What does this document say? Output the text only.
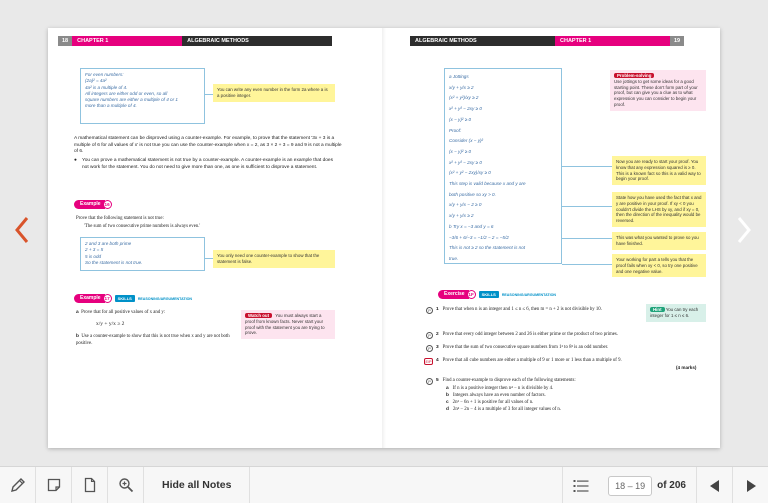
18	CHAPTER 1	ALGEBRAIC METHODS
For even numbers:
(2a)² = 4a²
4a² is a multiple of 4.
All integers are either odd or even, so all
square numbers are either a multiple of 4 or 1
more than a multiple of 4.
You can write any even number in the form 2a where a is a positive integer.
A mathematical statement can be disproved using a counter-example. For example, to prove that the statement '3x + 3 is a multiple of 6 for all values of x' is not true you can use the counter-example when x = 2, as 3 × 2 + 3 = 9 and 9 is not a multiple of 6.
● You can prove a mathematical statement is not true by a counter-example. A counter-example is an example that does not work for the statement. You do not need to give more than one, as one is sufficient to disprove a statement.
Example 16
Prove that the following statement is not true:
'The sum of two consecutive prime numbers is always even.'
2 and 3 are both prime
2 + 3 = 5
5 is odd
So the statement is not true.
You only need one counter-example to show that the statement is false.
Example 17	SKILLS	REASONING/ARGUMENTATION
a Prove that for all positive values of x and y:
x/y + y/x ≥ 2
b Use a counter-example to show that this is not true when x and y are not both positive.
Watch out You must always start a proof from known facts. Never start your proof with the statement you are trying to prove.
ALGEBRAIC METHODS	CHAPTER 1	19
a Jottings
x/y + y/x ≥ 2
(x² + y²)/xy ≥ 2
x² + y² − 2xy ≥ 0
(x − y)² ≥ 0
Proof:
Consider (x − y)²
(x − y)² ≥ 0
x² + y² − 2xy ≥ 0
(x² + y² − 2xy)/xy ≥ 0
This step is valid because x and y are
both positive so xy > 0.
x/y + y/x − 2 ≥ 0
x/y + y/x ≥ 2
b Try x = −3 and y = 6
−3/6 + 6/−3 = −1/2 − 2 = −5/2
This is not ≥ 2 so the statement is not
true.
Problem-solving
Use jottings to get some ideas for a good starting point. These don't form part of your proof, but can give you a clue as to what expression you can consider to begin your proof.
Now you are ready to start your proof. You know that any expression squared is ≥ 0. This is a known fact so this is a valid way to begin your proof.
State how you have used the fact that x and y are positive in your proof. If xy < 0 you couldn't divide the LHS by xy, and if xy = 0, then the direction of the inequality would be reversed.
This was what you wanted to prove so you have finished.
Your working for part a tells you that the proof fails when xy < 0, so try one positive and one negative value.
Exercise 1F	SKILLS	REASONING/ARGUMENTATION
Hint You can try each integer for 1 ≤ n ≤ 6.
P	1 Prove that when n is an integer and 1 ≤ n ≤ 6, then m = n + 2 is not divisible by 10.
P	2 Prove that every odd integer between 2 and 26 is either prime or the product of two primes.
P	3 Prove that the sum of two consecutive square numbers from 1² to 8² is an odd number.
E/P 4 Prove that all cube numbers are either a multiple of 9 or 1 more or 1 less than a multiple of 9.
(4 marks)
P	5 Find a counter-example to disprove each of the following statements:
a If n is a positive integer then n⁴ − n is divisible by 4.
b Integers always have an even number of factors.
c 2n² − 6n + 1 is positive for all values of n.
d 2n² − 2n − 4 is a multiple of 3 for all integer values of n.
Hide all Notes
18 – 19	of 206
